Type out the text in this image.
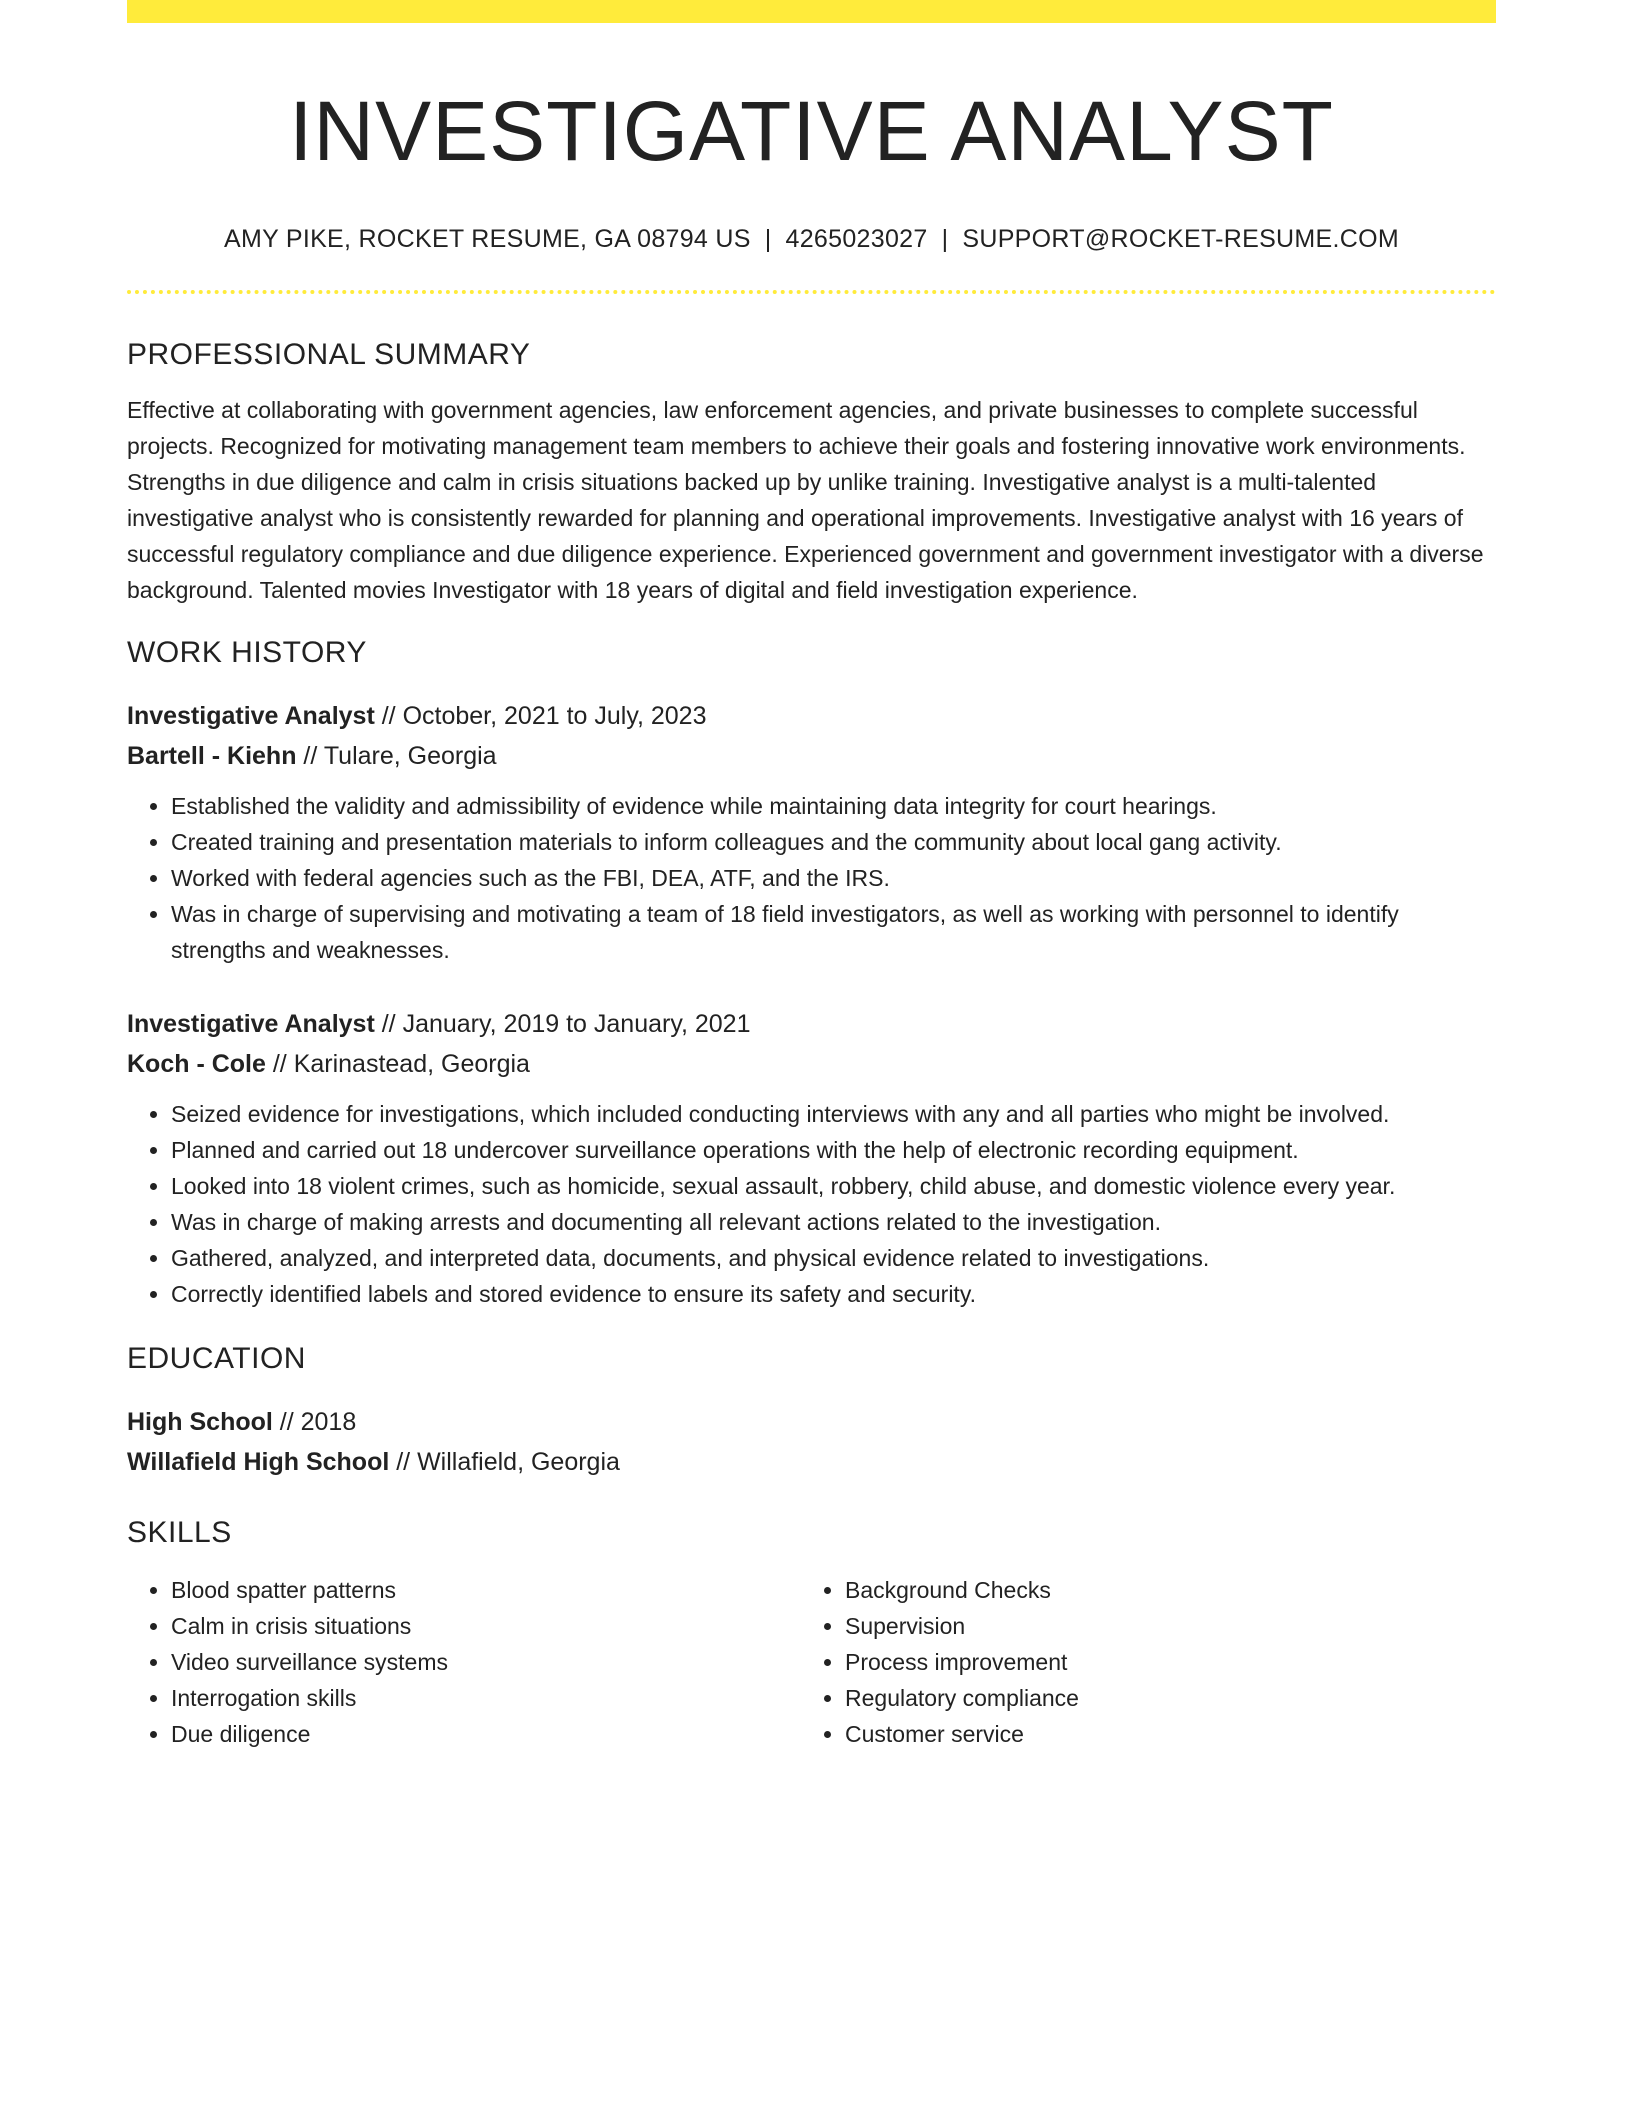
INVESTIGATIVE ANALYST
AMY PIKE, ROCKET RESUME, GA 08794 US | 4265023027 | SUPPORT@ROCKET-RESUME.COM
PROFESSIONAL SUMMARY

Effective at collaborating with government agencies, law enforcement agencies, and private businesses to complete successful projects. Recognized for motivating management team members to achieve their goals and fostering innovative work environments. Strengths in due diligence and calm in crisis situations backed up by unlike training. Investigative analyst is a multi-talented investigative analyst who is consistently rewarded for planning and operational improvements. Investigative analyst with 16 years of successful regulatory compliance and due diligence experience. Experienced government and government investigator with a diverse background. Talented movies Investigator with 18 years of digital and field investigation experience.

WORK HISTORY
Investigative Analyst // October, 2021 to July, 2023
Bartell - Kiehn // Tulare, Georgia
• Established the validity and admissibility of evidence while maintaining data integrity for court hearings.
• Created training and presentation materials to inform colleagues and the community about local gang activity.
• Worked with federal agencies such as the FBI, DEA, ATF, and the IRS.
• Was in charge of supervising and motivating a team of 18 field investigators, as well as working with personnel to identify strengths and weaknesses.
Investigative Analyst // January, 2019 to January, 2021
Koch - Cole // Karinastead, Georgia
• Seized evidence for investigations, which included conducting interviews with any and all parties who might be involved.
• Planned and carried out 18 undercover surveillance operations with the help of electronic recording equipment.
• Looked into 18 violent crimes, such as homicide, sexual assault, robbery, child abuse, and domestic violence every year.
• Was in charge of making arrests and documenting all relevant actions related to the investigation.
• Gathered, analyzed, and interpreted data, documents, and physical evidence related to investigations.
• Correctly identified labels and stored evidence to ensure its safety and security.
EDUCATION
High School // 2018
Willafield High School // Willafield, Georgia
SKILLS
• Blood spatter patterns
• Calm in crisis situations
• Video surveillance systems
• Interrogation skills
• Due diligence
• Background Checks
• Supervision
• Process improvement
• Regulatory compliance
• Customer service
